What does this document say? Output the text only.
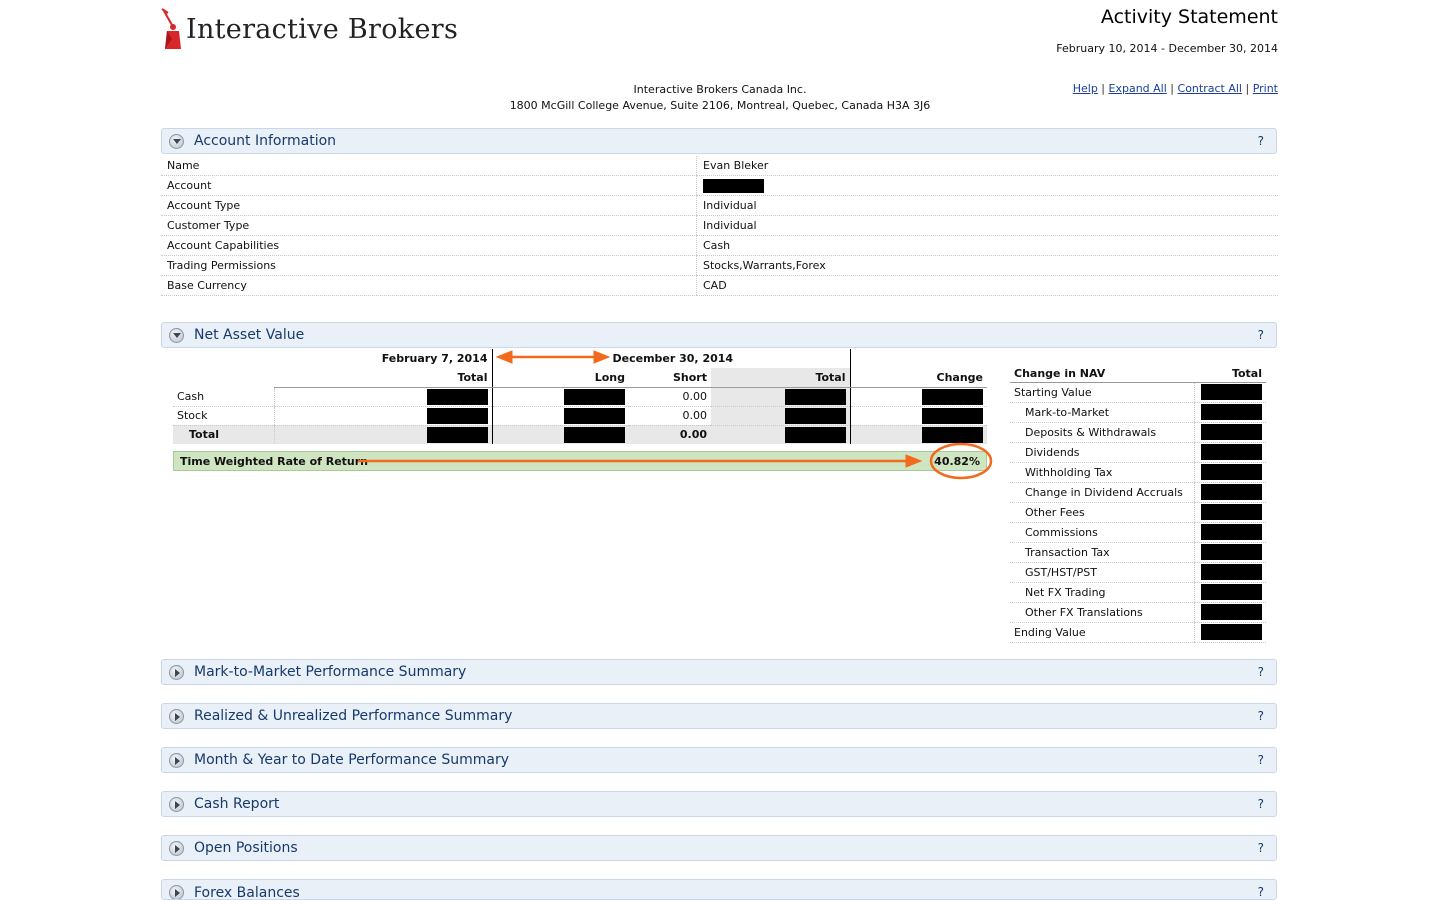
Interactive Brokers	Activity Statement
February 10, 2014 - December 30, 2014
Interactive Brokers Canada Inc.
1800 McGill College Avenue, Suite 2106, Montreal, Quebec, Canada H3A 3J6
Help | Expand All | Contract All | Print
Account Information	?
Name	Evan Bleker
Account	
Account Type	Individual
Customer Type	Individual
Account Capabilities	Cash
Trading Permissions	Stocks,Warrants,Forex
Base Currency	CAD
Net Asset Value	?
	February 7, 2014	December 30, 2014			
	Total	Long	Short	Total	Change
Cash			0.00		
Stock			0.00		
Total			0.00		
Time Weighted Rate of Return	40.82%
Change in NAV	Total
Starting Value	
Mark-to-Market	
Deposits & Withdrawals	
Dividends	
Withholding Tax	
Change in Dividend Accruals	
Other Fees	
Commissions	
Transaction Tax	
GST/HST/PST	
Net FX Trading	
Other FX Translations	
Ending Value	
Mark-to-Market Performance Summary	?
Realized & Unrealized Performance Summary	?
Month & Year to Date Performance Summary	?
Cash Report	?
Open Positions	?
Forex Balances	?
